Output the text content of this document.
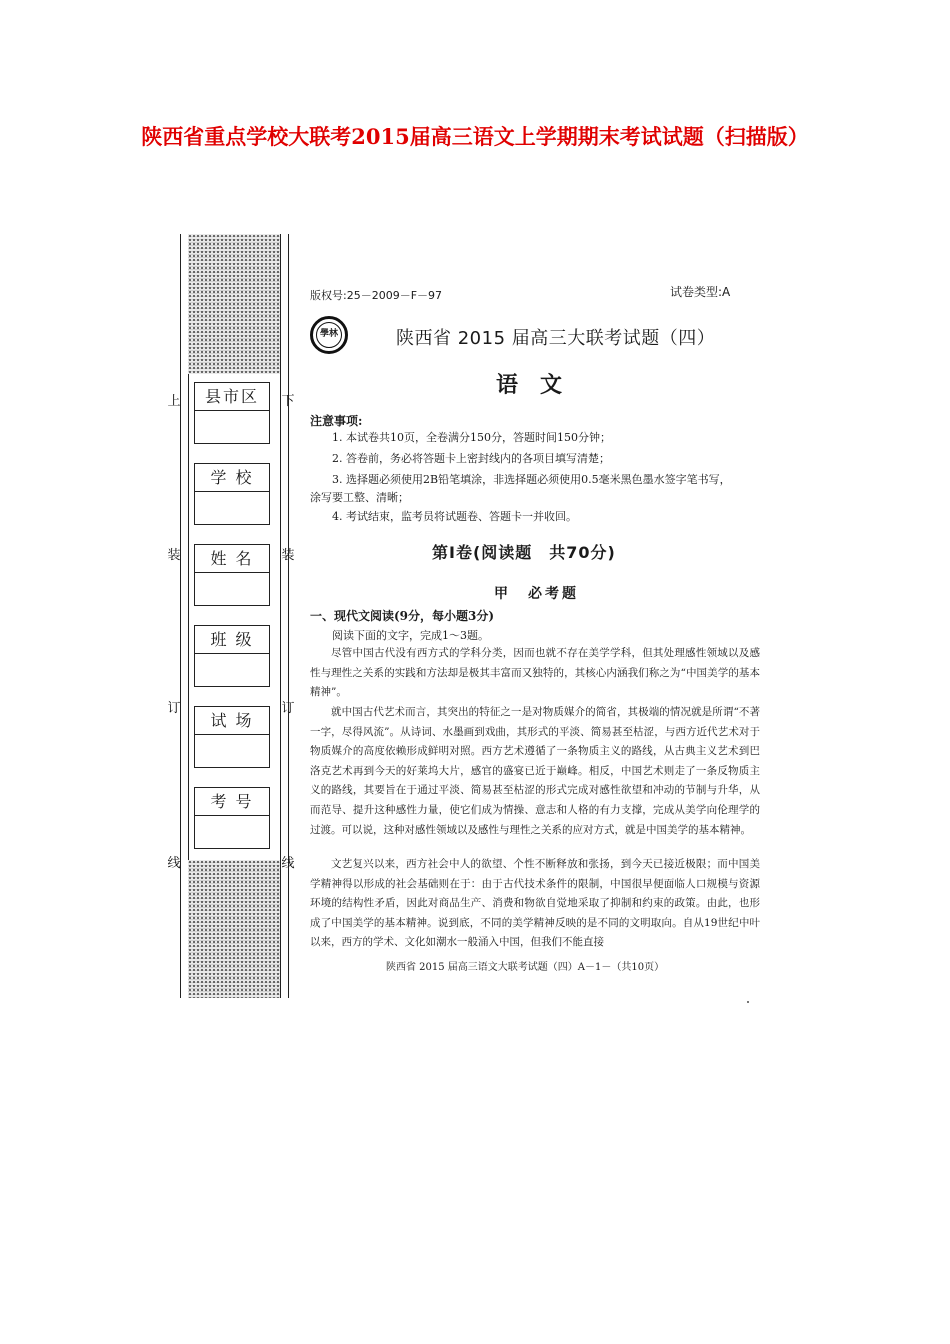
陕西省重点学校大联考2015届高三语文上学期期末考试试题（扫描版）
上	下
装	装
订	订
线	线
县市区
学 校
姓 名
班 级
试 场
考 号
版权号:25－2009－F－97	试卷类型:A
學林	陕西省 2015 届高三大联考试题（四）
语文
注意事项:
1. 本试卷共10页，全卷满分150分，答题时间150分钟；
2. 答卷前，务必将答题卡上密封线内的各项目填写清楚；
3. 选择题必须使用2B铅笔填涂，非选择题必须使用0.5毫米黑色墨水签字笔书写，
涂写要工整、清晰；
4. 考试结束，监考员将试题卷、答题卡一并收回。
第Ⅰ卷(阅读题　共70分)
甲　必考题
一、现代文阅读(9分，每小题3分)
阅读下面的文字，完成1～3题。
尽管中国古代没有西方式的学科分类，因而也就不存在美学学科，但其处理感性领域以及感性与理性之关系的实践和方法却是极其丰富而又独特的，其核心内涵我们称之为“中国美学的基本精神”。
就中国古代艺术而言，其突出的特征之一是对物质媒介的简省，其极端的情况就是所谓“不著一字，尽得风流”。从诗词、水墨画到戏曲，其形式的平淡、简易甚至枯涩，与西方近代艺术对于物质媒介的高度依赖形成鲜明对照。西方艺术遵循了一条物质主义的路线，从古典主义艺术到巴洛克艺术再到今天的好莱坞大片，感官的盛宴已近于巅峰。相反，中国艺术则走了一条反物质主义的路线，其要旨在于通过平淡、简易甚至枯涩的形式完成对感性欲望和冲动的节制与升华，从而范导、提升这种感性力量，使它们成为情操、意志和人格的有力支撑，完成从美学向伦理学的过渡。可以说，这种对感性领域以及感性与理性之关系的应对方式，就是中国美学的基本精神。
文艺复兴以来，西方社会中人的欲望、个性不断释放和张扬，到今天已接近极限；而中国美学精神得以形成的社会基础则在于：由于古代技术条件的限制，中国很早便面临人口规模与资源环境的结构性矛盾，因此对商品生产、消费和物欲自觉地采取了抑制和约束的政策。由此，也形成了中国美学的基本精神。说到底，不同的美学精神反映的是不同的文明取向。自从19世纪中叶以来，西方的学术、文化如潮水一般涌入中国，但我们不能直接
陕西省 2015 届高三语文大联考试题（四）A－1－（共10页）
